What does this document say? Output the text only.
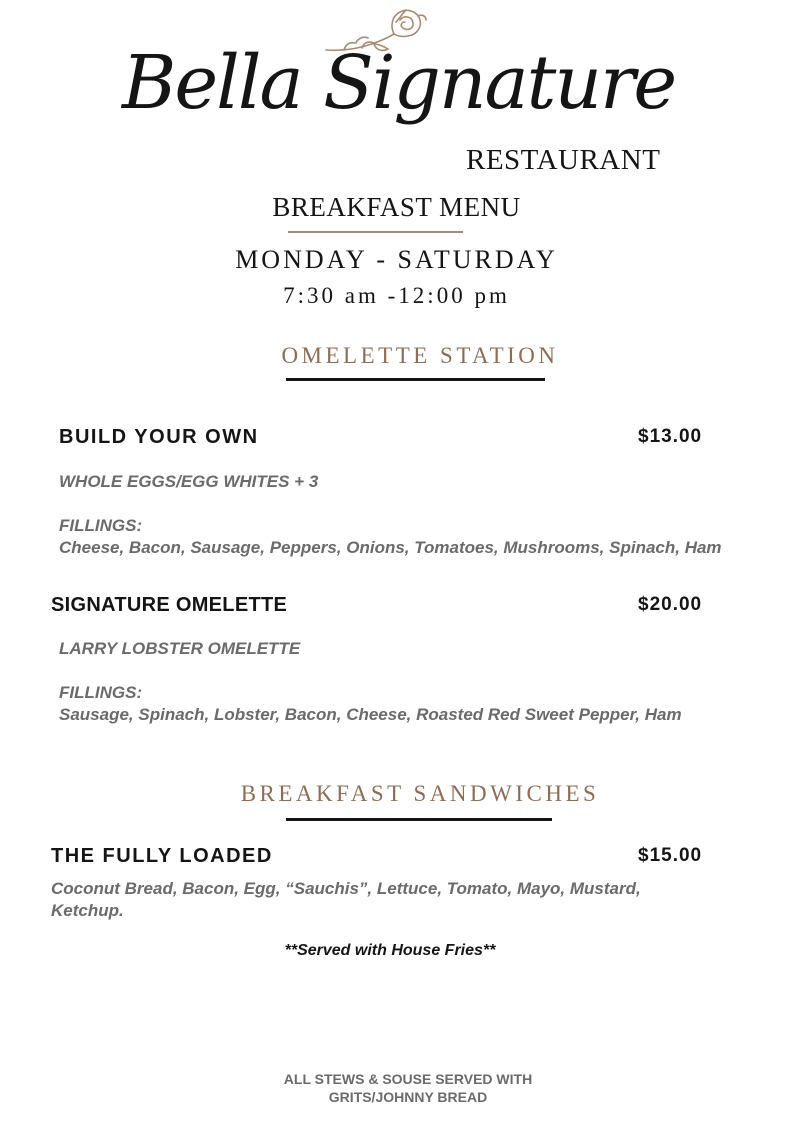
Bella Signature
RESTAURANT
BREAKFAST MENU
MONDAY - SATURDAY
7:30 am -12:00 pm
OMELETTE STATION
BUILD YOUR OWN	$13.00
WHOLE EGGS/EGG WHITES + 3
FILLINGS:
Cheese, Bacon, Sausage, Peppers, Onions, Tomatoes, Mushrooms, Spinach, Ham
SIGNATURE OMELETTE	$20.00
LARRY LOBSTER OMELETTE
FILLINGS:
Sausage, Spinach, Lobster, Bacon, Cheese, Roasted Red Sweet Pepper, Ham
BREAKFAST SANDWICHES
THE FULLY LOADED	$15.00
Coconut Bread, Bacon, Egg, “Sauchis”, Lettuce, Tomato, Mayo, Mustard,
Ketchup.
**Served with House Fries**
ALL STEWS & SOUSE SERVED WITH
GRITS/JOHNNY BREAD
